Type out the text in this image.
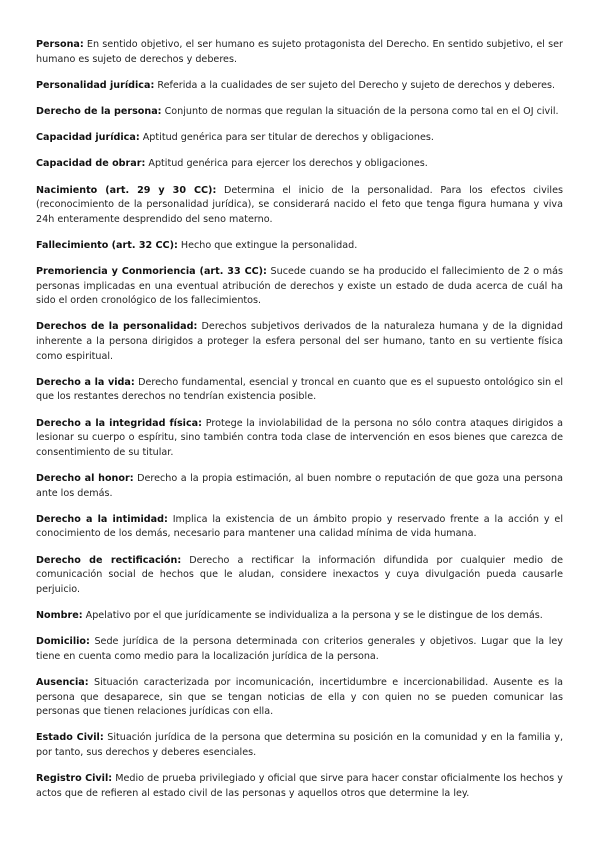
Persona: En sentido objetivo, el ser humano es sujeto protagonista del Derecho. En sentido subjetivo, el ser humano es sujeto de derechos y deberes.

Personalidad jurídica: Referida a la cualidades de ser sujeto del Derecho y sujeto de derechos y deberes.

Derecho de la persona: Conjunto de normas que regulan la situación de la persona como tal en el OJ civil.

Capacidad jurídica: Aptitud genérica para ser titular de derechos y obligaciones.

Capacidad de obrar: Aptitud genérica para ejercer los derechos y obligaciones.

Nacimiento (art. 29 y 30 CC): Determina el inicio de la personalidad. Para los efectos civiles (reconocimiento de la personalidad jurídica), se considerará nacido el feto que tenga figura humana y viva 24h enteramente desprendido del seno materno.

Fallecimiento (art. 32 CC): Hecho que extingue la personalidad.

Premoriencia y Conmoriencia (art. 33 CC): Sucede cuando se ha producido el fallecimiento de 2 o más personas implicadas en una eventual atribución de derechos y existe un estado de duda acerca de cuál ha sido el orden cronológico de los fallecimientos.

Derechos de la personalidad: Derechos subjetivos derivados de la naturaleza humana y de la dignidad inherente a la persona dirigidos a proteger la esfera personal del ser humano, tanto en su vertiente física como espiritual.

Derecho a la vida: Derecho fundamental, esencial y troncal en cuanto que es el supuesto ontológico sin el que los restantes derechos no tendrían existencia posible.

Derecho a la integridad física: Protege la inviolabilidad de la persona no sólo contra ataques dirigidos a lesionar su cuerpo o espíritu, sino también contra toda clase de intervención en esos bienes que carezca de consentimiento de su titular.

Derecho al honor: Derecho a la propia estimación, al buen nombre o reputación de que goza una persona ante los demás.

Derecho a la intimidad: Implica la existencia de un ámbito propio y reservado frente a la acción y el conocimiento de los demás, necesario para mantener una calidad mínima de vida humana.

Derecho de rectificación: Derecho a rectificar la información difundida por cualquier medio de comunicación social de hechos que le aludan, considere inexactos y cuya divulgación pueda causarle perjuicio.

Nombre: Apelativo por el que jurídicamente se individualiza a la persona y se le distingue de los demás.

Domicilio: Sede jurídica de la persona determinada con criterios generales y objetivos. Lugar que la ley tiene en cuenta como medio para la localización jurídica de la persona.

Ausencia: Situación caracterizada por incomunicación, incertidumbre e incercionabilidad. Ausente es la persona que desaparece, sin que se tengan noticias de ella y con quien no se pueden comunicar las personas que tienen relaciones jurídicas con ella.

Estado Civil: Situación jurídica de la persona que determina su posición en la comunidad y en la familia y, por tanto, sus derechos y deberes esenciales.

Registro Civil: Medio de prueba privilegiado y oficial que sirve para hacer constar oficialmente los hechos y actos que de refieren al estado civil de las personas y aquellos otros que determine la ley.
